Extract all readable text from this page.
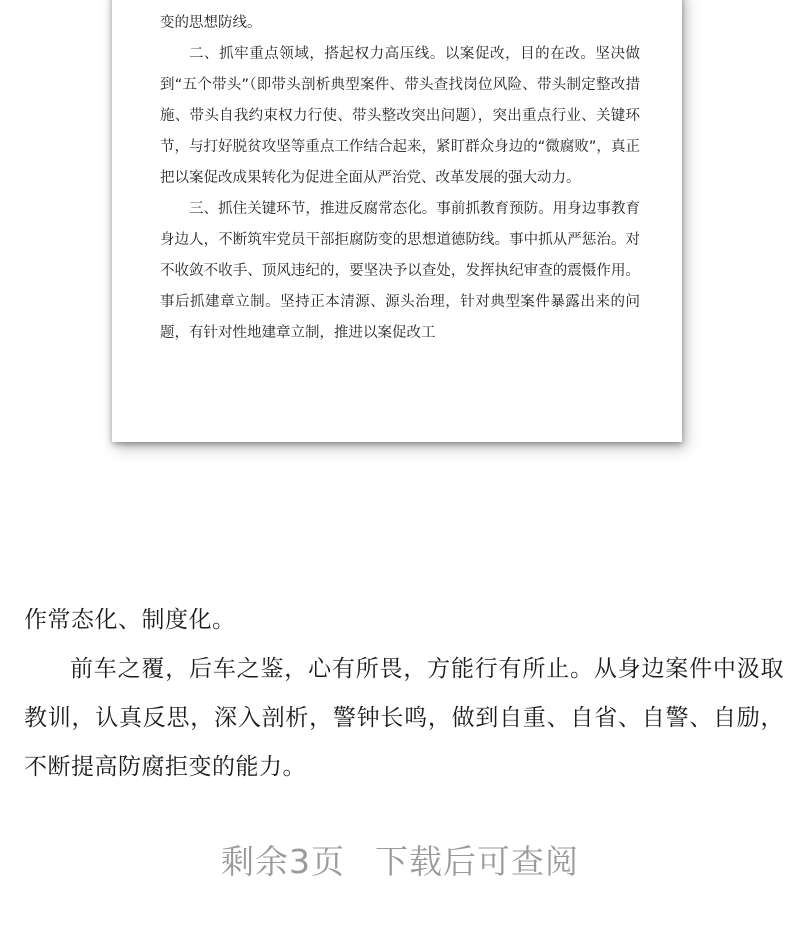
变的思想防线。

二、抓牢重点领域，搭起权力高压线。以案促改，目的在改。坚决做到“五个带头”（即带头剖析典型案件、带头查找岗位风险、带头制定整改措施、带头自我约束权力行使、带头整改突出问题），突出重点行业、关键环节，与打好脱贫攻坚等重点工作结合起来，紧盯群众身边的“微腐败”，真正把以案促改成果转化为促进全面从严治党、改革发展的强大动力。

三、抓住关键环节，推进反腐常态化。事前抓教育预防。用身边事教育身边人，不断筑牢党员干部拒腐防变的思想道德防线。事中抓从严惩治。对不收敛不收手、顶风违纪的，要坚决予以查处，发挥执纪审查的震慑作用。事后抓建章立制。坚持正本清源、源头治理，针对典型案件暴露出来的问题，有针对性地建章立制，推进以案促改工

作常态化、制度化。

前车之覆，后车之鉴，心有所畏，方能行有所止。从身边案件中汲取教训，认真反思，深入剖析，警钟长鸣，做到自重、自省、自警、自励，不断提高防腐拒变的能力。

剩余3页 下载后可查阅
